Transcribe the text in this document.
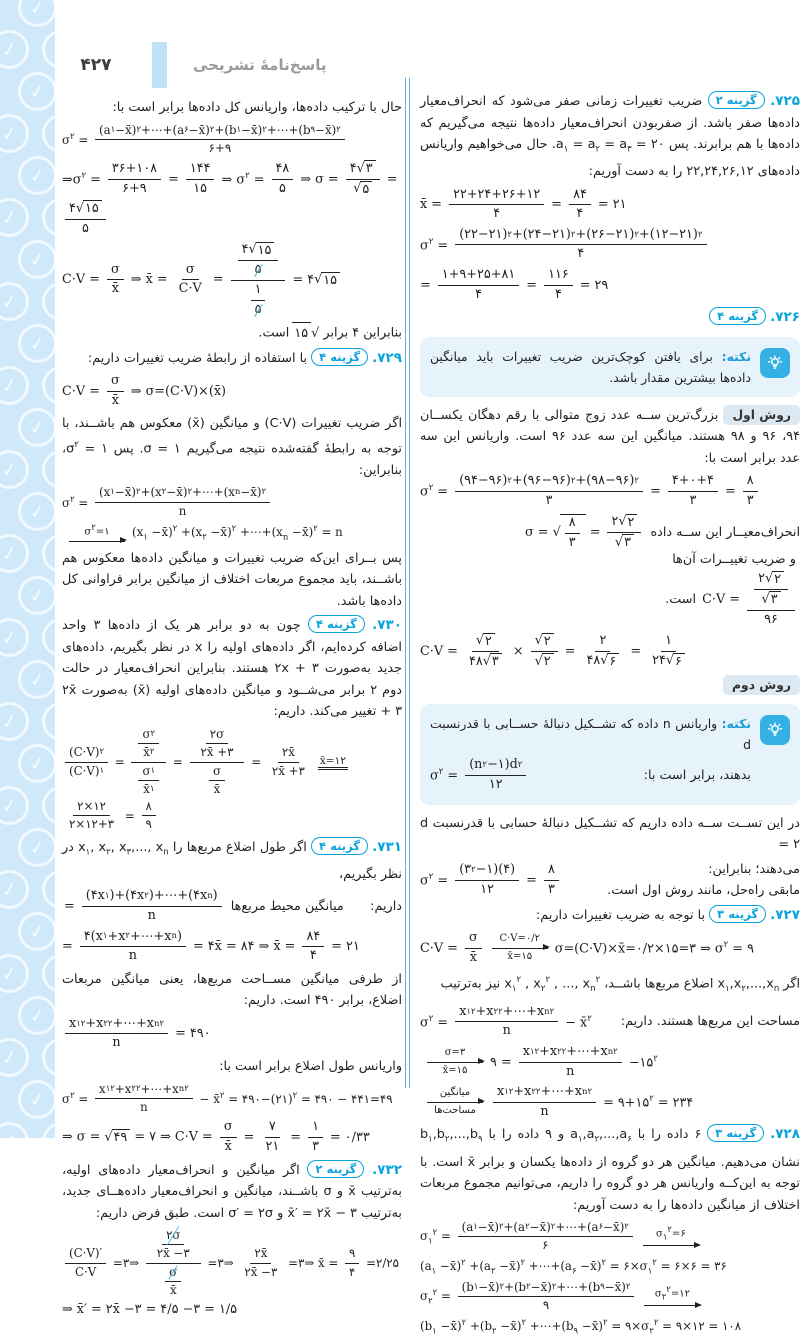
✓
✓
✓
✓
✓
✓
✓
✓
✓
✓
✓
✓
✓
✓
✓
✓
✓
✓
✓
✓
✓
✓
✓
✓
✓
✓
✓
✓
✓
✓
✓
✓
✓
✓
✓
✓
✓
✓
✓
✓
✓
✓
✓
✓
✓
✓
✓
✓
✓
✓
✓
✓
✓
✓
✓
✓
۴۲۷	پاسخ‌نامهٔ تشریحی

۷۲۵. گزینه ۲ ضریب تغییرات زمانی صفر می‌شود که انحراف‌معیار داده‌ها صفر باشد. از صفربودن انحراف‌معیار داده‌ها نتیجه می‌گیریم که داده‌ها با هم برابرند. پس $a_۱ = a_۲ = a_۳$ = ۲۰. حال می‌خواهیم واریانس داده‌های ۲۲,۲۴,۲۶,۱۲ را به دست آوریم:

x̄ = $\frac{۲۲+۲۴+۲۶+۱۲}{۴} = \frac{۸۴}{۴}$ = ۲۱
$\sigma^۲ = \frac{(۲۲-۲۱) ۲ +(۲۴-۲۱) ۲ +(۲۶-۲۱) ۲ +(۱۲-۲۱) ۲}{۴}$
= $\frac{۱+۹+۲۵+۸۱}{۴} = \frac{۱۱۶}{۴}$ = ۲۹

۷۲۶. گزینه ۴

نکته: برای یافتن کوچک‌ترین ضریب تغییرات باید میانگین داده‌ها بیشترین مقدار باشد.

روش اول بزرگ‌ترین ســه عدد زوج متوالی با رقم دهگان یکســان ۹۴، ۹۶ و ۹۸ هستند. میانگین این سه عدد ۹۶ است. واریانس این سه عدد برابر است با:

$\sigma^۲ = \frac{(۹۴-۹۶) ۲ +(۹۶-۹۶) ۲ +(۹۸-۹۶) ۲}{۳} = \frac{۴+۰+۴}{۳} = \frac{۸}{۳}$
انحراف‌معیــار این ســه داده
σ = √ $\frac{۸}{۳} = \frac{۲ √ ۲}{√ ۳}$
و ضریب تغییــرات آن‌ها
$C\cdot V = \frac{\frac{۲ √ ۲}{√ ۳}}{۹۶}$
است.
$C\cdot V = \frac{√ ۲}{۴۸ √ ۳} \times \frac{√ ۲}{√ ۲} = \frac{۲}{۴۸ √ ۶} = \frac{۱}{۲۴ √ ۶}$

روش دوم

نکته: واریانس n داده که تشــکیل دنبالهٔ حســابی با قدرنسبت d

بدهند، برابر است با:
$\sigma^۲ = \frac{(n ۲ -۱)d ۲}{۱۲}$

در این تســت ســه داده داریم که تشــکیل دنبالهٔ حسابی با قدرنسبت d = ۲

می‌دهند؛ بنابراین:
مابقی راه‌حل، مانند روش اول است.
$\sigma^۲ = \frac{(۳ ۲ -۱)(۴)}{۱۲} = \frac{۸}{۳}$

۷۲۷. گزینه ۳ با توجه به ضریب تغییرات داریم:

$C\cdot V = \frac{\sigma}{x̄}$ C·V=۰/۲
x̄=۱۵ σ=(C·V)×x̄=۰/۲×۱۵=۳ ⇒ $\sigma^۲$ = ۹

اگر $x_۱,x_۲,...,x_n$ اضلاع مربع‌ها باشــد، $x_۱^۲$ , $x_۲^۲$ , ..., $x_n^۲$ نیز به‌ترتیب

مساحت این مربع‌ها هستند. داریم:
$\sigma^۲ = \frac{\text{x ۱ ۲ +x ۲ ۲ +⋯+x n ۲}}{n}$ − x̄$^۲$
σ=۳
x̄=۱۵
۹ = $\frac{\text{x ۱ ۲ +x ۲ ۲ +⋯+x n ۲}}{n}$ $-۱۵^۲$
میانگین
مساحت‌ها $\frac{\text{x ۱ ۲ +x ۲ ۲ +⋯+x n ۲}}{n}$ = $۹+۱۵^۲$ = ۲۳۴

۷۲۸. گزینه ۳ ۶ داده را با $a_۱,a_۲,...,a_۶$ و ۹ داده را با $b_۱,b_۲,...,b_۹$ نشان می‌دهیم. میانگین هر دو گروه از داده‌ها یکسان و برابر x̄ است. با توجه به این‌کــه واریانس هر دو گروه را داریم، می‌توانیم مجموع مربعات اختلاف از میانگین داده‌ها را به دست آوریم:

$\sigma_۱^۲ = \frac{(a ۱ -x̄) ۲ +(a ۲ -x̄) ۲ +\cdots+(a ۶ -x̄) ۲}{۶}$ $\sigma_۱^۲=۶$
($a_۱$ −x̄)$^۲$ $+(a_۲$ −x̄)$^۲$ $+\cdots+(a_۶$ −x̄)$^۲$ = $۶\times\sigma_۱^۲$ = ۶×۶ = ۳۶
$\sigma_۲^۲ = \frac{(b ۱ -x̄) ۲ +(b ۲ -x̄) ۲ +\cdots+(b ۹ -x̄) ۲}{۹}$ $\sigma_۲^۲=۱۲$
($b_۱$ −x̄)$^۲$ $+(b_۲$ −x̄)$^۲$ $+\cdots+(b_۹$ −x̄)$^۲$ = $۹\times\sigma_۲^۲$ = ۹×۱۲ = ۱۰۸

حال با ترکیب داده‌ها، واریانس کل داده‌ها برابر است با:

$\sigma^۲ = \frac{(a ۱ -x̄) ۲ +\cdots+(a ۶ -x̄) ۲ +(b ۱ -x̄) ۲ +\cdots+(b ۹ -x̄) ۲}{۶+۹}$
$\Rightarrow\sigma^۲ = \frac{۳۶+۱۰۸}{۶+۹} = \frac{۱۴۴}{۱۵}$ ⇒ $\sigma^۲ = \frac{۴۸}{۵}$ ⇒ $\sigma = \frac{۴ √ ۳}{√ ۵}$ =
$\frac{۴ √ ۱۵}{۵}$
$C\cdot V = \frac{\sigma}{x̄}$ ⇒ x̄ = $\frac{\sigma}{C\cdot V} = \frac{\frac{۴ √ ۱۵}{۵}}{\frac{۱}{۵}}$ = ۴√ ۱۵

بنابراین ۴ برابر √
۱۵
است.

۷۲۹. گزینه ۴ با استفاده از رابطهٔ ضریب تغییرات داریم:

$C\cdot V = \frac{\sigma}{x̄}$ ⇒ σ=(C·V)×(x̄)

اگر ضریب تغییرات (C·V) و میانگین (x̄) معکوس هم باشــند، با توجه به رابطهٔ گفته‌شده نتیجه می‌گیریم σ = ۱. پس $\sigma^۲$ = ۱، بنابراین:

$\sigma^۲ = \frac{\text{(x ۱ −x̄) ۲ +(x ۲ −x̄) ۲ +⋯+(x n −x̄) ۲}}{n}$
$\sigma^۲=۱$ ($x_۱$ −x̄)$^۲$ $+(x_۲$ −x̄)$^۲$ $+\cdots+(x_n$ −x̄)$^۲$ = n

پس بــرای این‌که ضریب تغییرات و میانگین داده‌ها معکوس هم باشــند، باید مجموع مربعات اختلاف از میانگین برابر فراوانی کل داده‌ها باشد.

۷۳۰. گزینه ۴ چون به دو برابر هر یک از داده‌ها ۳ واحد اضافه کرده‌ایم، اگر داده‌های اولیه را x در نظر بگیریم، داده‌های جدید به‌صورت ۲x + ۳ هستند. بنابراین انحراف‌معیار در حالت دوم ۲ برابر می‌شــود و میانگین داده‌های اولیه (x̄) به‌صورت ۲x̄ + ۳ تغییر می‌کند. داریم:

$\frac{(C\cdot V) ۲}{(C\cdot V) ۱} = \frac{\frac{\sigma ۲}{x̄ ۲}}{\frac{\sigma ۱}{x̄ ۱}} = \frac{\frac{۲\sigma}{۲x̄ +۳}}{\frac{\sigma}{x̄}} = \frac{۲x̄}{۲x̄ +۳}$ x̄=۱۲
$\frac{۲\times ۱۲}{۲\times ۱۲+۳} = \frac{۸}{۹}$

۷۳۱. گزینه ۴ اگر طول اضلاع مربع‌ها را $x_۱$, $x_۲$, $x_۳$,..., $x_n$ در نظر بگیریم،

داریم:
میانگین محیط مربع‌ها
= $\frac{\text{(۴x ۱ )+(۴x ۲ )+⋯+(۴x n )}}{n}$
= $\frac{\text{۴(x ۱ +x ۲ +⋯+x n )}}{n}$ = ۴x̄ = ۸۴ ⇒ x̄ = $\frac{۸۴}{۴}$ = ۲۱

از طرفی میانگین مســاحت مربع‌ها، یعنی میانگین مربعات اضلاع، برابر ۴۹۰ است. داریم:

$\frac{\text{x ۱ ۲ +x ۲ ۲ +⋯+x n ۲}}{n}$ = ۴۹۰

واریانس طول اضلاع برابر است با:

$\sigma^۲ = \frac{\text{x ۱ ۲ +x ۲ ۲ +⋯+x n ۲}}{n}$ − x̄$^۲$ = ۴۹۰−(۲۱)$^۲$ = ۴۹۰ − ۴۴۱=۴۹
⇒ σ = √ ۴۹ = ۷ ⇒ $C\cdot V = \frac{\sigma}{x̄} = \frac{۷}{۲۱} = \frac{۱}{۳}$ = ۰/۳۳

۷۳۲. گزینه ۲ اگر میانگین و انحراف‌معیار داده‌های اولیه، به‌ترتیب x̄ و σ باشــند، میانگین و انحراف‌معیار داده‌هــای جدید، به‌ترتیب x̄′ = ۲x̄ − ۳ و σ′ = ۲σ است. طبق فرض داریم:

$\frac{(C\cdot V)'}{C\cdot V}$ =۳⇒ $\frac{\frac{۲\sigma}{۲x̄ -۳}}{\frac{\sigma}{x̄}}$ =۳⇒ $\frac{۲x̄}{۲x̄ -۳}$ =۳⇒ x̄ = $\frac{۹}{۴}$ =۲/۲۵
⇒ x̄′ = ۲x̄ −۳ = ۴/۵ −۳ = ۱/۵
